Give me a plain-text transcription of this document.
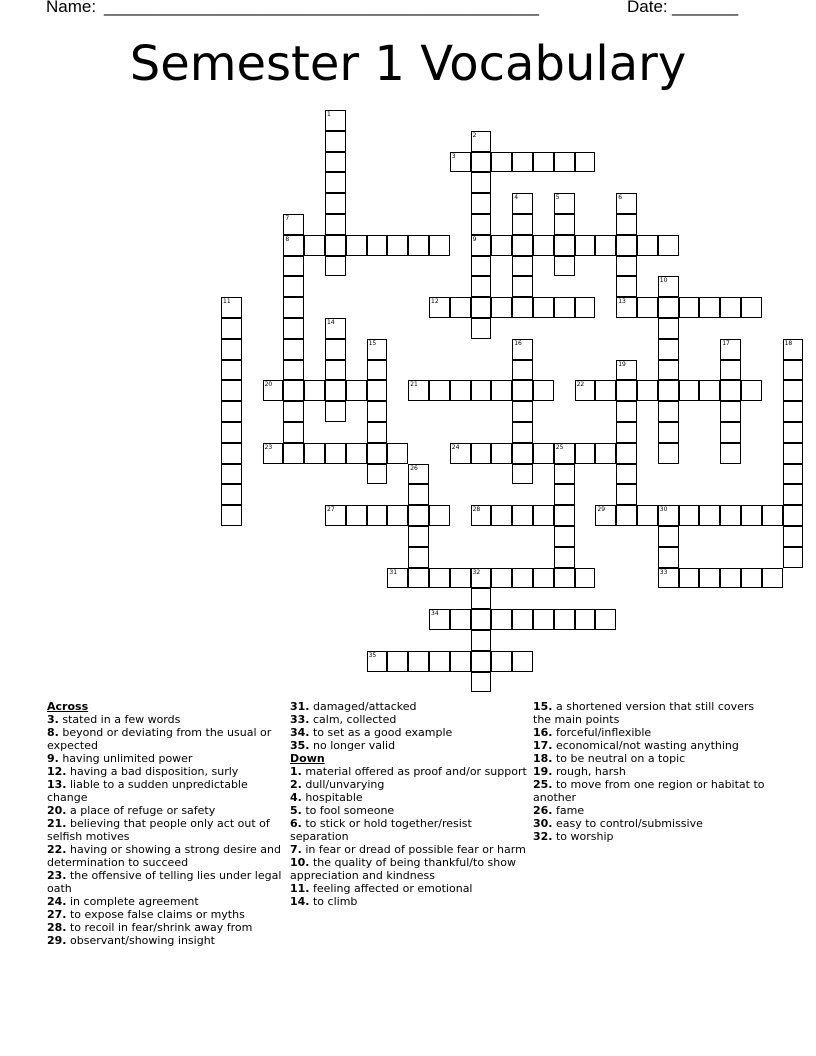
Name: ______________________________________________	Date: _______
Semester 1 Vocabulary
1
2
9
3
4	5	6
7
8
10
11	12	13
14
15	16	17	18
19
20	21	22
23	24	25
26
27	28	29	30
33
31	32
34
35
Across
3. stated in a few words
8. beyond or deviating from the usual or expected
9. having unlimited power
12. having a bad disposition, surly
13. liable to a sudden unpredictable change
20. a place of refuge or safety
21. believing that people only act out of selfish motives
22. having or showing a strong desire and determination to succeed
23. the offensive of telling lies under legal oath
24. in complete agreement
27. to expose false claims or myths
28. to recoil in fear/shrink away from
29. observant/showing insight
31. damaged/attacked
33. calm, collected
34. to set as a good example
35. no longer valid
Down
1. material offered as proof and/or support
2. dull/unvarying
4. hospitable
5. to fool someone
6. to stick or hold together/resist separation
7. in fear or dread of possible fear or harm
10. the quality of being thankful/to show appreciation and kindness
11. feeling affected or emotional
14. to climb
15. a shortened version that still covers the main points
16. forceful/inflexible
17. economical/not wasting anything
18. to be neutral on a topic
19. rough, harsh
25. to move from one region or habitat to another
26. fame
30. easy to control/submissive
32. to worship
